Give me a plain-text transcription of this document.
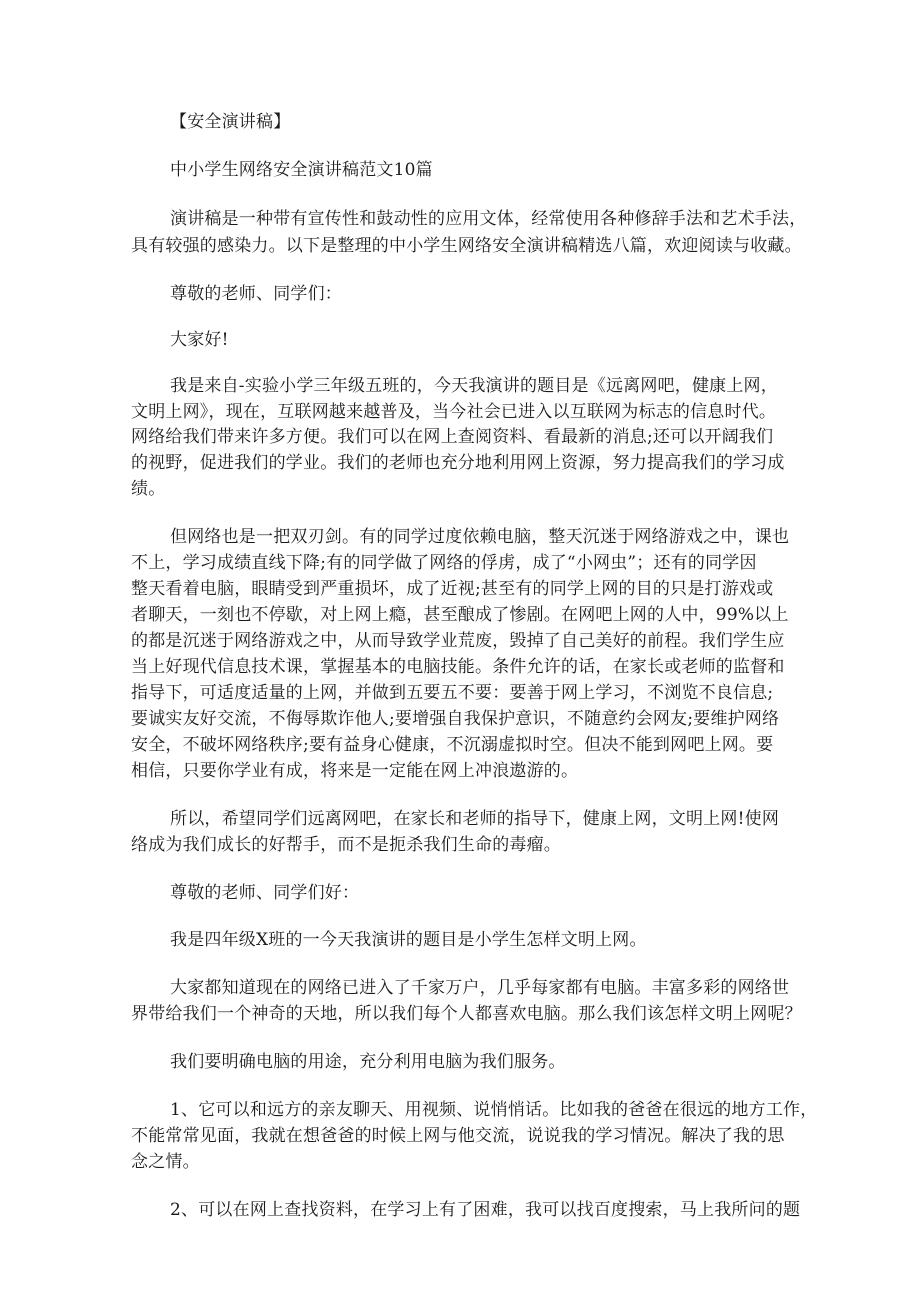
【安全演讲稿】
中小学生网络安全演讲稿范文10篇
演讲稿是一种带有宣传性和鼓动性的应用文体，经常使用各种修辞手法和艺术手法，
具有较强的感染力。以下是整理的中小学生网络安全演讲稿精选八篇，欢迎阅读与收藏。
尊敬的老师、同学们：
大家好!
我是来自-实验小学三年级五班的，今天我演讲的题目是《远离网吧，健康上网，
文明上网》，现在，互联网越来越普及，当今社会已进入以互联网为标志的信息时代。
网络给我们带来许多方便。我们可以在网上查阅资料、看最新的消息;还可以开阔我们
的视野，促进我们的学业。我们的老师也充分地利用网上资源，努力提高我们的学习成
绩。
但网络也是一把双刃剑。有的同学过度依赖电脑，整天沉迷于网络游戏之中，课也
不上，学习成绩直线下降;有的同学做了网络的俘虏，成了“小网虫”；还有的同学因
整天看着电脑，眼睛受到严重损坏，成了近视;甚至有的同学上网的目的只是打游戏或
者聊天，一刻也不停歇，对上网上瘾，甚至酿成了惨剧。在网吧上网的人中，99%以上
的都是沉迷于网络游戏之中，从而导致学业荒废，毁掉了自己美好的前程。我们学生应
当上好现代信息技术课，掌握基本的电脑技能。条件允许的话，在家长或老师的监督和
指导下，可适度适量的上网，并做到五要五不要：要善于网上学习，不浏览不良信息;
要诚实友好交流，不侮辱欺诈他人;要增强自我保护意识，不随意约会网友;要维护网络
安全，不破坏网络秩序;要有益身心健康，不沉溺虚拟时空。但决不能到网吧上网。要
相信，只要你学业有成，将来是一定能在网上冲浪遨游的。
所以，希望同学们远离网吧，在家长和老师的指导下，健康上网，文明上网!使网
络成为我们成长的好帮手，而不是扼杀我们生命的毒瘤。
尊敬的老师、同学们好：
我是四年级X班的一今天我演讲的题目是小学生怎样文明上网。
大家都知道现在的网络已进入了千家万户，几乎每家都有电脑。丰富多彩的网络世
界带给我们一个神奇的天地，所以我们每个人都喜欢电脑。那么我们该怎样文明上网呢？
我们要明确电脑的用途，充分利用电脑为我们服务。
1、它可以和远方的亲友聊天、用视频、说悄悄话。比如我的爸爸在很远的地方工作，
不能常常见面，我就在想爸爸的时候上网与他交流，说说我的学习情况。解决了我的思
念之情。
2、可以在网上查找资料，在学习上有了困难，我可以找百度搜索，马上我所问的题
